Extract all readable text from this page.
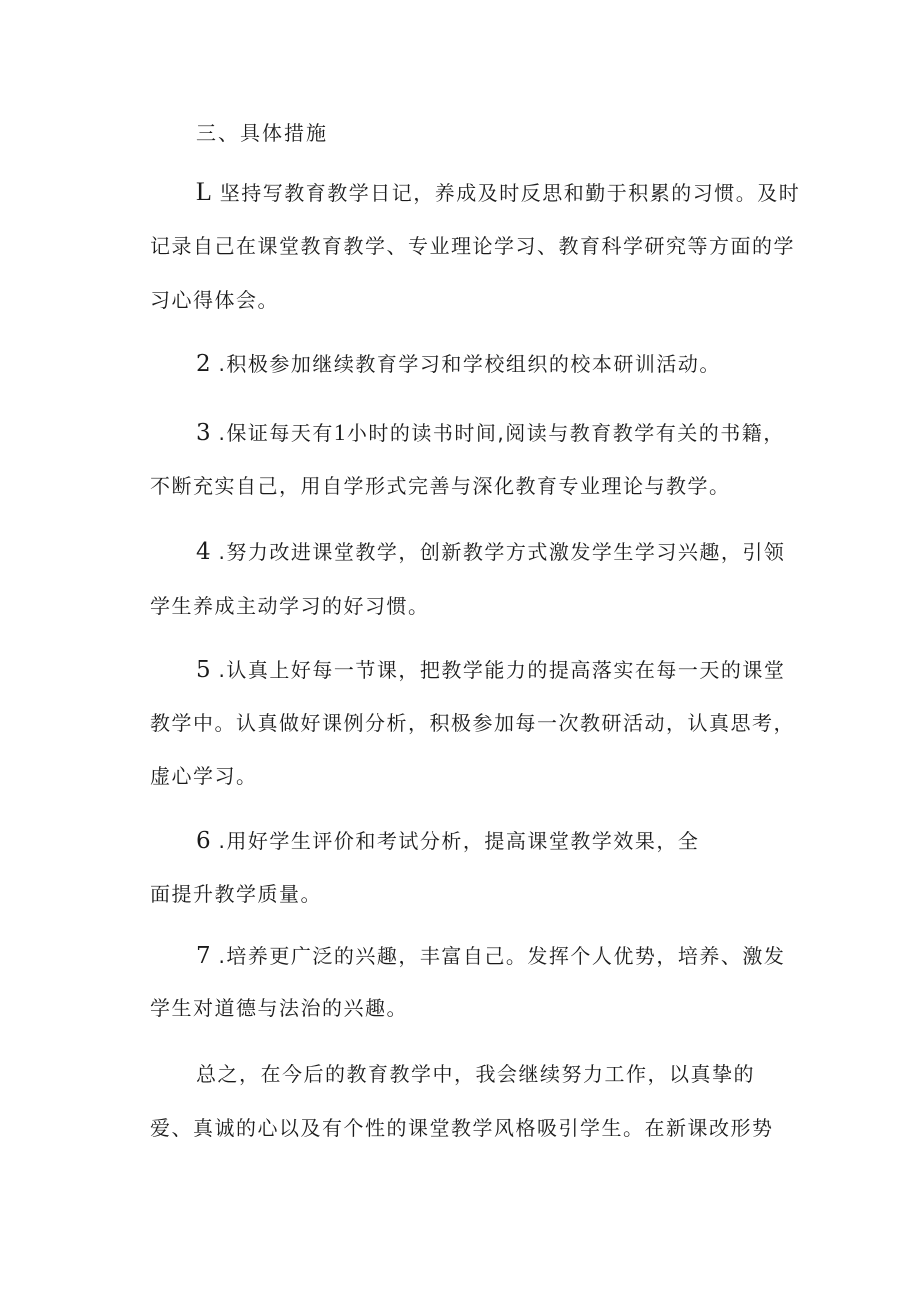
三、具体措施
L 坚持写教育教学日记，养成及时反思和勤于积累的习惯。及时
记录自己在课堂教育教学、专业理论学习、教育科学研究等方面的学
习心得体会。
2 .积极参加继续教育学习和学校组织的校本研训活动。
3 .保证每天有1小时的读书时间,阅读与教育教学有关的书籍，
不断充实自己，用自学形式完善与深化教育专业理论与教学。
4 .努力改进课堂教学，创新教学方式激发学生学习兴趣，引领
学生养成主动学习的好习惯。
5 .认真上好每一节课，把教学能力的提高落实在每一天的课堂
教学中。认真做好课例分析，积极参加每一次教研活动，认真思考，
虚心学习。
6 .用好学生评价和考试分析，提高课堂教学效果，全
面提升教学质量。
7 .培养更广泛的兴趣，丰富自己。发挥个人优势，培养、激发
学生对道德与法治的兴趣。
总之，在今后的教育教学中，我会继续努力工作，以真挚的
爱、真诚的心以及有个性的课堂教学风格吸引学生。在新课改形势
